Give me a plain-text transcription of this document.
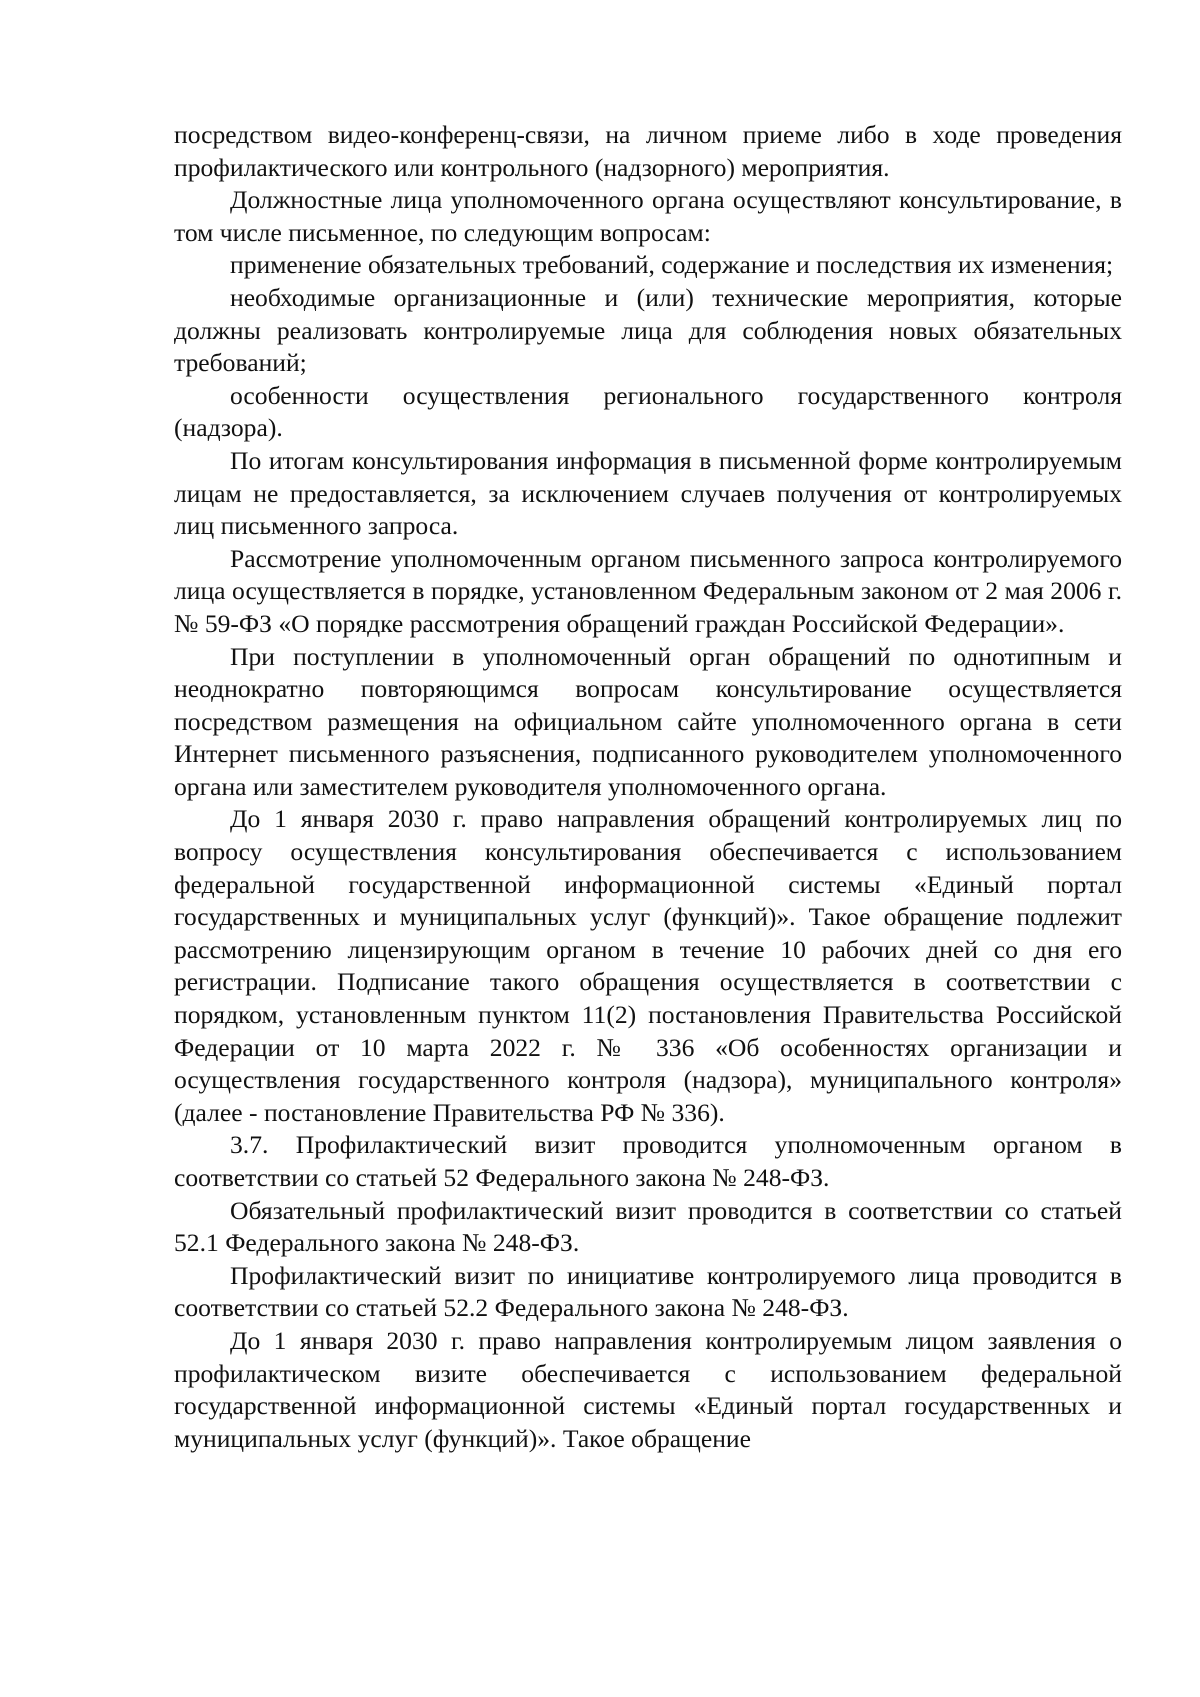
посредством видео-конференц-связи, на личном приеме либо в ходе проведения профилактического или контрольного (надзорного) мероприятия.

Должностные лица уполномоченного органа осуществляют консультирование, в том числе письменное, по следующим вопросам:

применение обязательных требований, содержание и последствия их изменения;

необходимые организационные и (или) технические мероприятия, которые должны реализовать контролируемые лица для соблюдения новых обязательных требований;

особенности осуществления регионального государственного контроля (надзора).

По итогам консультирования информация в письменной форме контролируемым лицам не предоставляется, за исключением случаев получения от контролируемых лиц письменного запроса.

Рассмотрение уполномоченным органом письменного запроса контролируемого лица осуществляется в порядке, установленном Федеральным законом от 2 мая 2006 г. № 59-ФЗ «О порядке рассмотрения обращений граждан Российской Федерации».

При поступлении в уполномоченный орган обращений по однотипным и неоднократно повторяющимся вопросам консультирование осуществляется посредством размещения на официальном сайте уполномоченного органа в сети Интернет письменного разъяснения, подписанного руководителем уполномоченного органа или заместителем руководителя уполномоченного органа.

До 1 января 2030 г. право направления обращений контролируемых лиц по вопросу осуществления консультирования обеспечивается с использованием федеральной государственной информационной системы «Единый портал государственных и муниципальных услуг (функций)». Такое обращение подлежит рассмотрению лицензирующим органом в течение 10 рабочих дней со дня его регистрации. Подписание такого обращения осуществляется в соответствии с порядком, установленным пунктом 11(2) постановления Правительства Российской Федерации от 10 марта 2022 г. № 336 «Об особенностях организации и осуществления государственного контроля (надзора), муниципального контроля» (далее - постановление Правительства РФ № 336).

3.7. Профилактический визит проводится уполномоченным органом в соответствии со статьей 52 Федерального закона № 248-ФЗ.

Обязательный профилактический визит проводится в соответствии со статьей 52.1 Федерального закона № 248-ФЗ.

Профилактический визит по инициативе контролируемого лица проводится в соответствии со статьей 52.2 Федерального закона № 248-ФЗ.

До 1 января 2030 г. право направления контролируемым лицом заявления о профилактическом визите обеспечивается с использованием федеральной государственной информационной системы «Единый портал государственных и муниципальных услуг (функций)». Такое обращение
